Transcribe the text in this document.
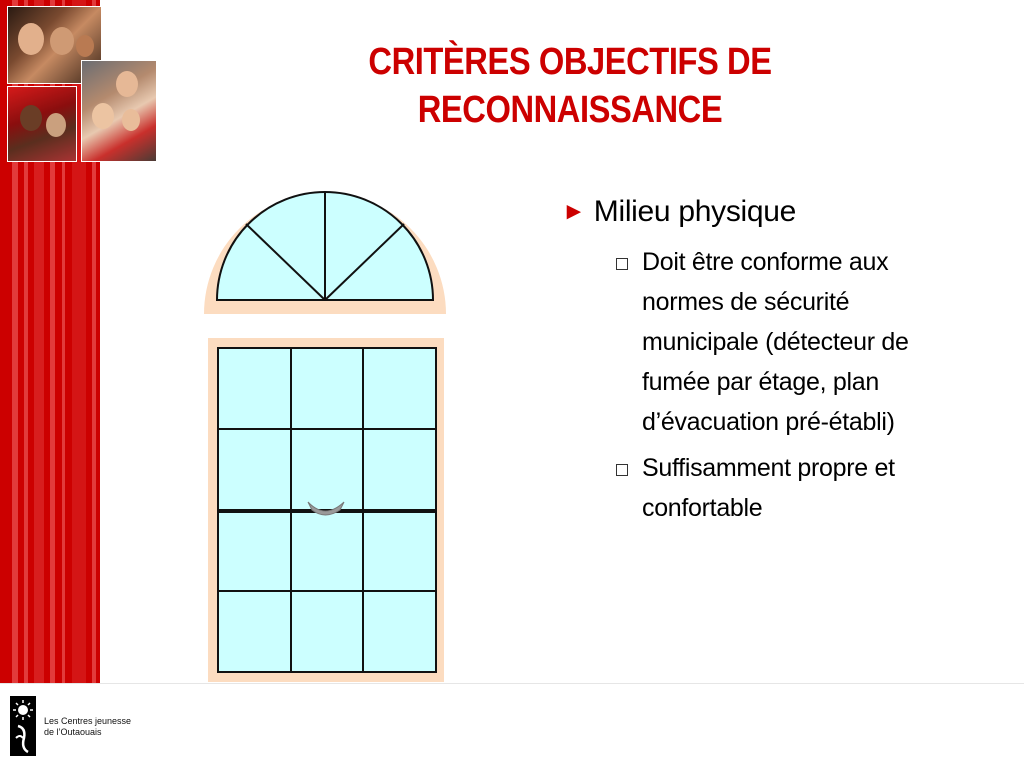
CRITÈRES OBJECTIFS DE
RECONNAISSANCE
► Milieu physique
Doit être conforme aux normes de sécurité municipale (détecteur de fumée par étage, plan d’évacuation pré-établi)
Suffisamment propre et confortable
Les Centres jeunesse
de l’Outaouais
